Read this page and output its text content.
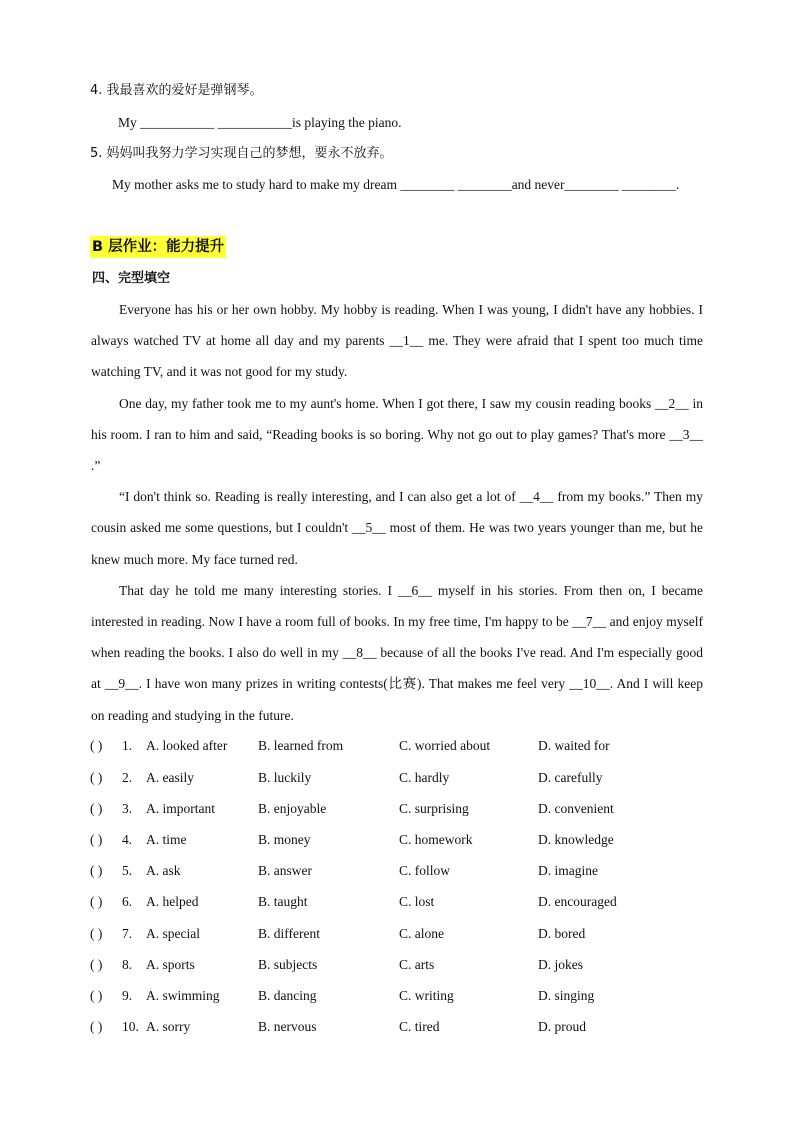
4. 我最喜欢的爱好是弹钢琴。
My ___________ ___________is playing the piano.
5. 妈妈叫我努力学习实现自己的梦想，要永不放弃。
My mother asks me to study hard to make my dream ________ ________and never________ ________.
B 层作业：能力提升
四、完型填空

Everyone has his or her own hobby. My hobby is reading. When I was young, I didn't have any hobbies. I always watched TV at home all day and my parents __1__ me. They were afraid that I spent too much time watching TV, and it was not good for my study.

One day, my father took me to my aunt's home. When I got there, I saw my cousin reading books __2__ in his room. I ran to him and said, “Reading books is so boring. Why not go out to play games? That's more __3__ .”

“I don't think so. Reading is really interesting, and I can also get a lot of __4__ from my books.” Then my cousin asked me some questions, but I couldn't __5__ most of them. He was two years younger than me, but he knew much more. My face turned red.

That day he told me many interesting stories. I __6__ myself in his stories. From then on, I became interested in reading. Now I have a room full of books. In my free time, I'm happy to be __7__ and enjoy myself when reading the books. I also do well in my __8__ because of all the books I've read. And I'm especially good at __9__. I have won many prizes in writing contests(比赛). That makes me feel very __10__. And I will keep on reading and studying in the future.

( ) 1. A. looked after B. learned from	C. worried about	D. waited for
( ) 2. A. easily	B. luckily	C. hardly	D. carefully
( ) 3. A. important	B. enjoyable	C. surprising	D. convenient
( ) 4. A. time	B. money	C. homework	D. knowledge
( ) 5. A. ask	B. answer	C. follow	D. imagine
( ) 6. A. helped	B. taught	C. lost	D. encouraged
( ) 7. A. special	B. different	C. alone	D. bored
( ) 8. A. sports	B. subjects	C. arts	D. jokes
( ) 9. A. swimming	B. dancing	C. writing	D. singing
( ) 10. A. sorry	B. nervous	C. tired	D. proud
